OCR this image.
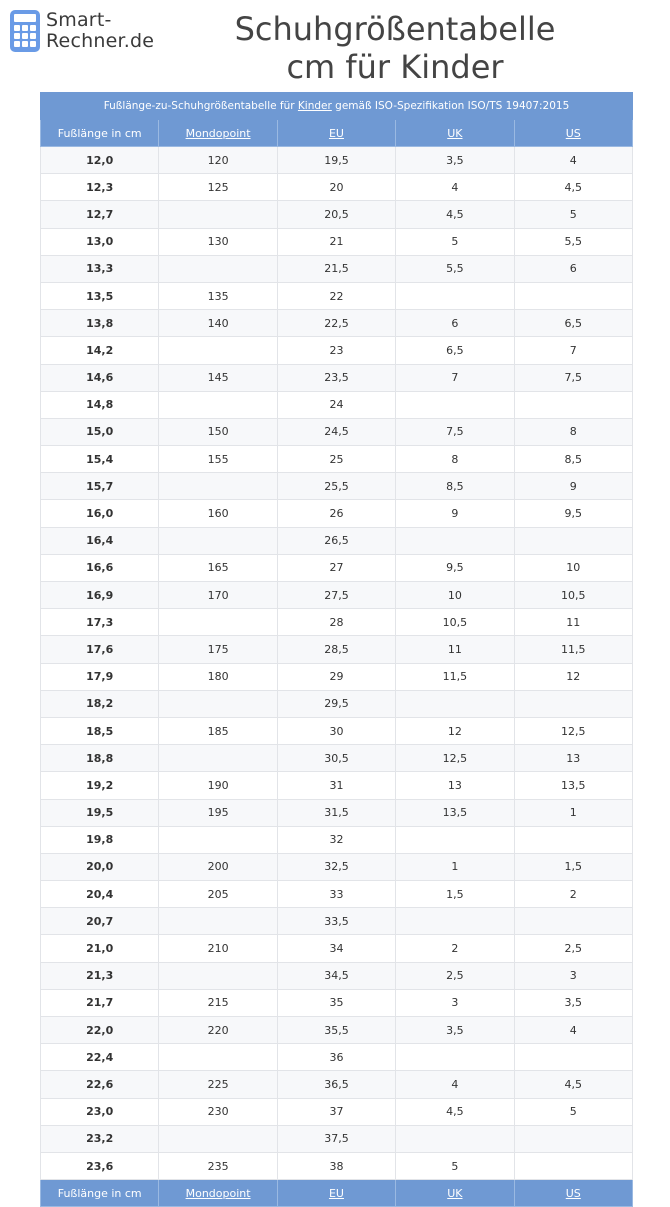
Smart-
Rechner.de	Schuhgrößentabelle
cm für Kinder
Fußlänge-zu-Schuhgrößentabelle für Kinder gemäß ISO-Spezifikation ISO/TS 19407:2015				
Fußlänge in cm	Mondopoint	EU	UK	US
12,0	120	19,5	3,5	4
12,3	125	20	4	4,5
12,7		20,5	4,5	5
13,0	130	21	5	5,5
13,3		21,5	5,5	6
13,5	135	22		
13,8	140	22,5	6	6,5
14,2		23	6,5	7
14,6	145	23,5	7	7,5
14,8		24		
15,0	150	24,5	7,5	8
15,4	155	25	8	8,5
15,7		25,5	8,5	9
16,0	160	26	9	9,5
16,4		26,5		
16,6	165	27	9,5	10
16,9	170	27,5	10	10,5
17,3		28	10,5	11
17,6	175	28,5	11	11,5
17,9	180	29	11,5	12
18,2		29,5		
18,5	185	30	12	12,5
18,8		30,5	12,5	13
19,2	190	31	13	13,5
19,5	195	31,5	13,5	1
19,8		32		
20,0	200	32,5	1	1,5
20,4	205	33	1,5	2
20,7		33,5		
21,0	210	34	2	2,5
21,3		34,5	2,5	3
21,7	215	35	3	3,5
22,0	220	35,5	3,5	4
22,4		36		
22,6	225	36,5	4	4,5
23,0	230	37	4,5	5
23,2		37,5		
23,6	235	38	5	
Fußlänge in cm	Mondopoint	EU	UK	US
